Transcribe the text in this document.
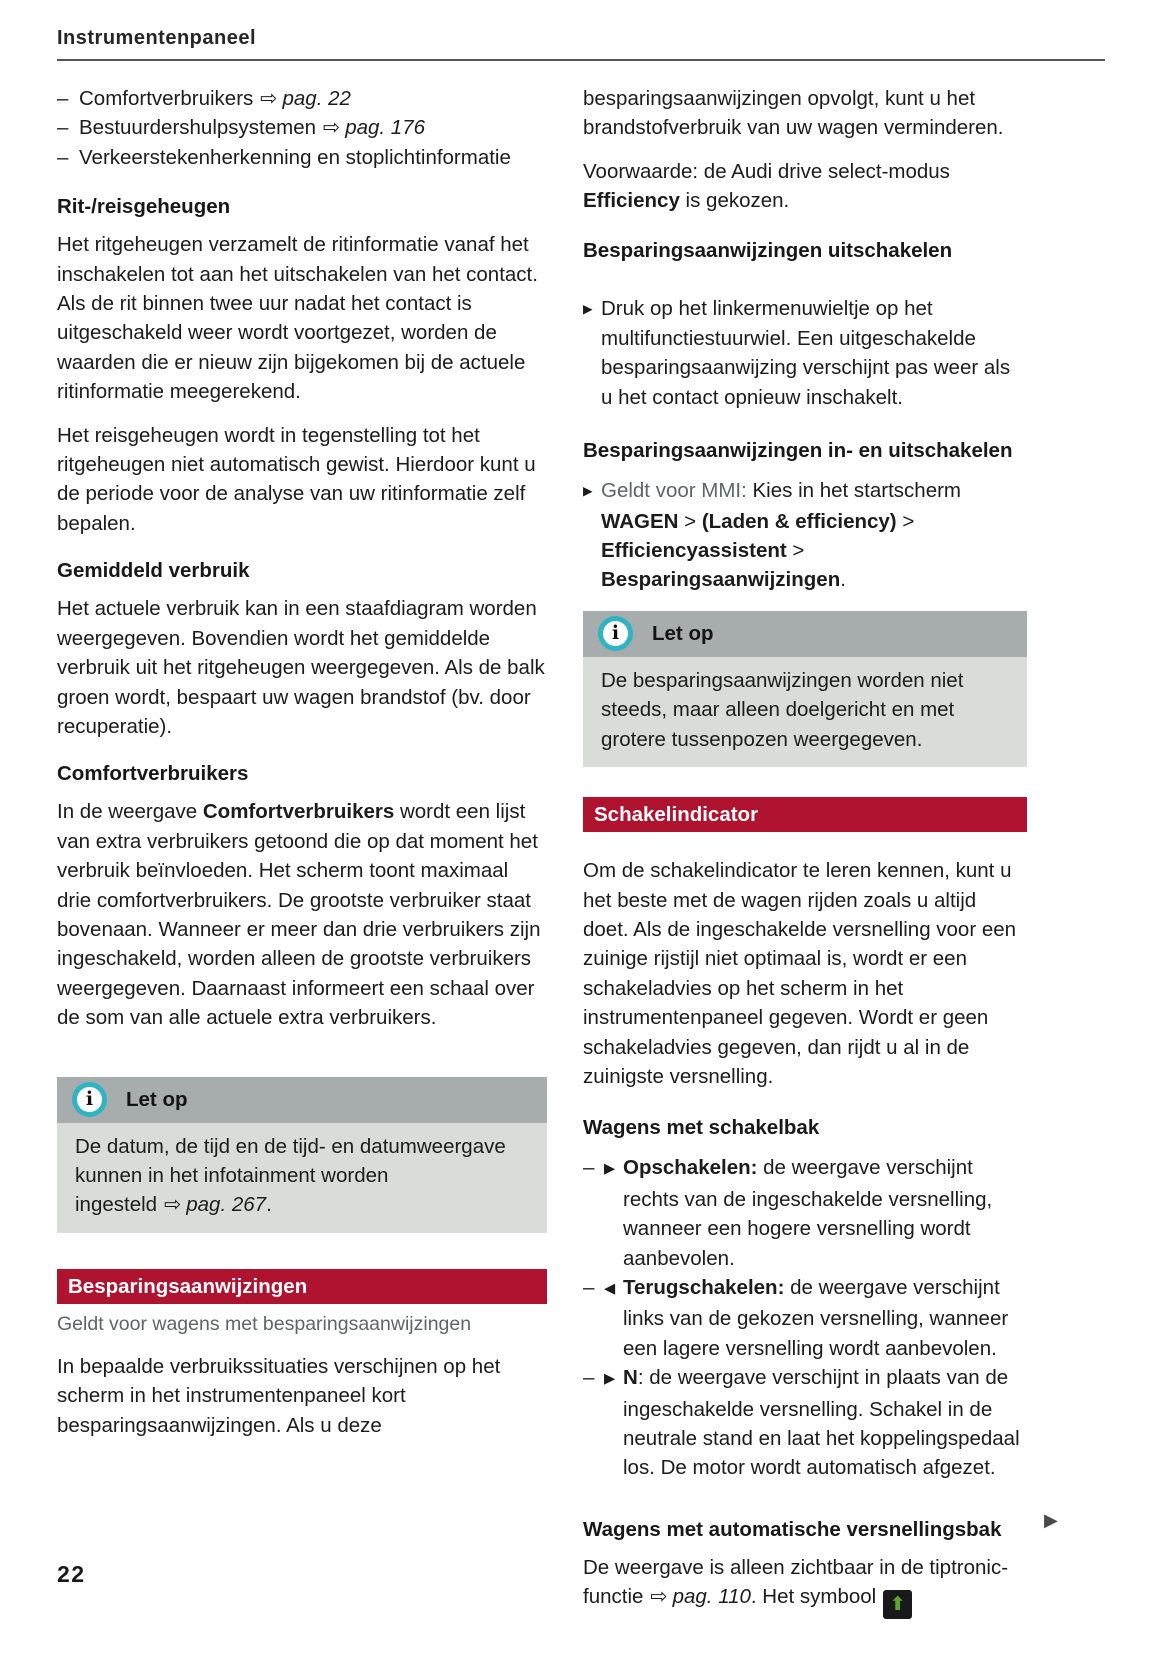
Instrumentenpaneel
– Comfortverbruikers ⇨ pag. 22
– Bestuurdershulpsystemen ⇨ pag. 176
– Verkeerstekenherkenning en stoplichtinformatie
Rit-/reisgeheugen

Het ritgeheugen verzamelt de ritinformatie vanaf het inschakelen tot aan het uitschakelen van het contact. Als de rit binnen twee uur nadat het contact is uitgeschakeld weer wordt voortgezet, worden de waarden die er nieuw zijn bijgekomen bij de actuele ritinformatie meegerekend.

Het reisgeheugen wordt in tegenstelling tot het ritgeheugen niet automatisch gewist. Hierdoor kunt u de periode voor de analyse van uw ritinformatie zelf bepalen.

Gemiddeld verbruik

Het actuele verbruik kan in een staafdiagram worden weergegeven. Bovendien wordt het gemiddelde verbruik uit het ritgeheugen weergegeven. Als de balk groen wordt, bespaart uw wagen brandstof (bv. door recuperatie).

Comfortverbruikers

In de weergave Comfortverbruikers wordt een lijst van extra verbruikers getoond die op dat moment het verbruik beïnvloeden. Het scherm toont maximaal drie comfortverbruikers. De grootste verbruiker staat bovenaan. Wanneer er meer dan drie verbruikers zijn ingeschakeld, worden alleen de grootste verbruikers weergegeven. Daarnaast informeert een schaal over de som van alle actuele extra verbruikers.

i	Let op
De datum, de tijd en de tijd- en datumweergave kunnen in het infotainment worden ingesteld ⇨ pag. 267.
Besparingsaanwijzingen
Geldt voor wagens met besparingsaanwijzingen

In bepaalde verbruikssituaties verschijnen op het scherm in het instrumentenpaneel kort besparingsaanwijzingen. Als u deze

besparingsaanwijzingen opvolgt, kunt u het brandstofverbruik van uw wagen verminderen.

Voorwaarde: de Audi drive select-modus Efficiency is gekozen.

Besparingsaanwijzingen uitschakelen
▶ Druk op het linkermenuwieltje op het multifunctiestuurwiel. Een uitgeschakelde besparingsaanwijzing verschijnt pas weer als u het contact opnieuw inschakelt.
Besparingsaanwijzingen in- en uitschakelen
▶ Geldt voor MMI: Kies in het startscherm WAGEN > (Laden & efficiency) > Efficiencyassistent > Besparingsaanwijzingen.
i	Let op
De besparingsaanwijzingen worden niet steeds, maar alleen doelgericht en met grotere tussenpozen weergegeven.
Schakelindicator

Om de schakelindicator te leren kennen, kunt u het beste met de wagen rijden zoals u altijd doet. Als de ingeschakelde versnelling voor een zuinige rijstijl niet optimaal is, wordt er een schakeladvies op het scherm in het instrumentenpaneel gegeven. Wordt er geen schakeladvies gegeven, dan rijdt u al in de zuinigste versnelling.

Wagens met schakelbak
– ▶ Opschakelen: de weergave verschijnt rechts van de ingeschakelde versnelling, wanneer een hogere versnelling wordt aanbevolen.
– ◀ Terugschakelen: de weergave verschijnt links van de gekozen versnelling, wanneer een lagere versnelling wordt aanbevolen.
– ▶ N: de weergave verschijnt in plaats van de ingeschakelde versnelling. Schakel in de neutrale stand en laat het koppelingspedaal los. De motor wordt automatisch afgezet.
Wagens met automatische versnellingsbak

De weergave is alleen zichtbaar in de tiptronic-functie ⇨ pag. 110. Het symbool ⬆

▶
22
